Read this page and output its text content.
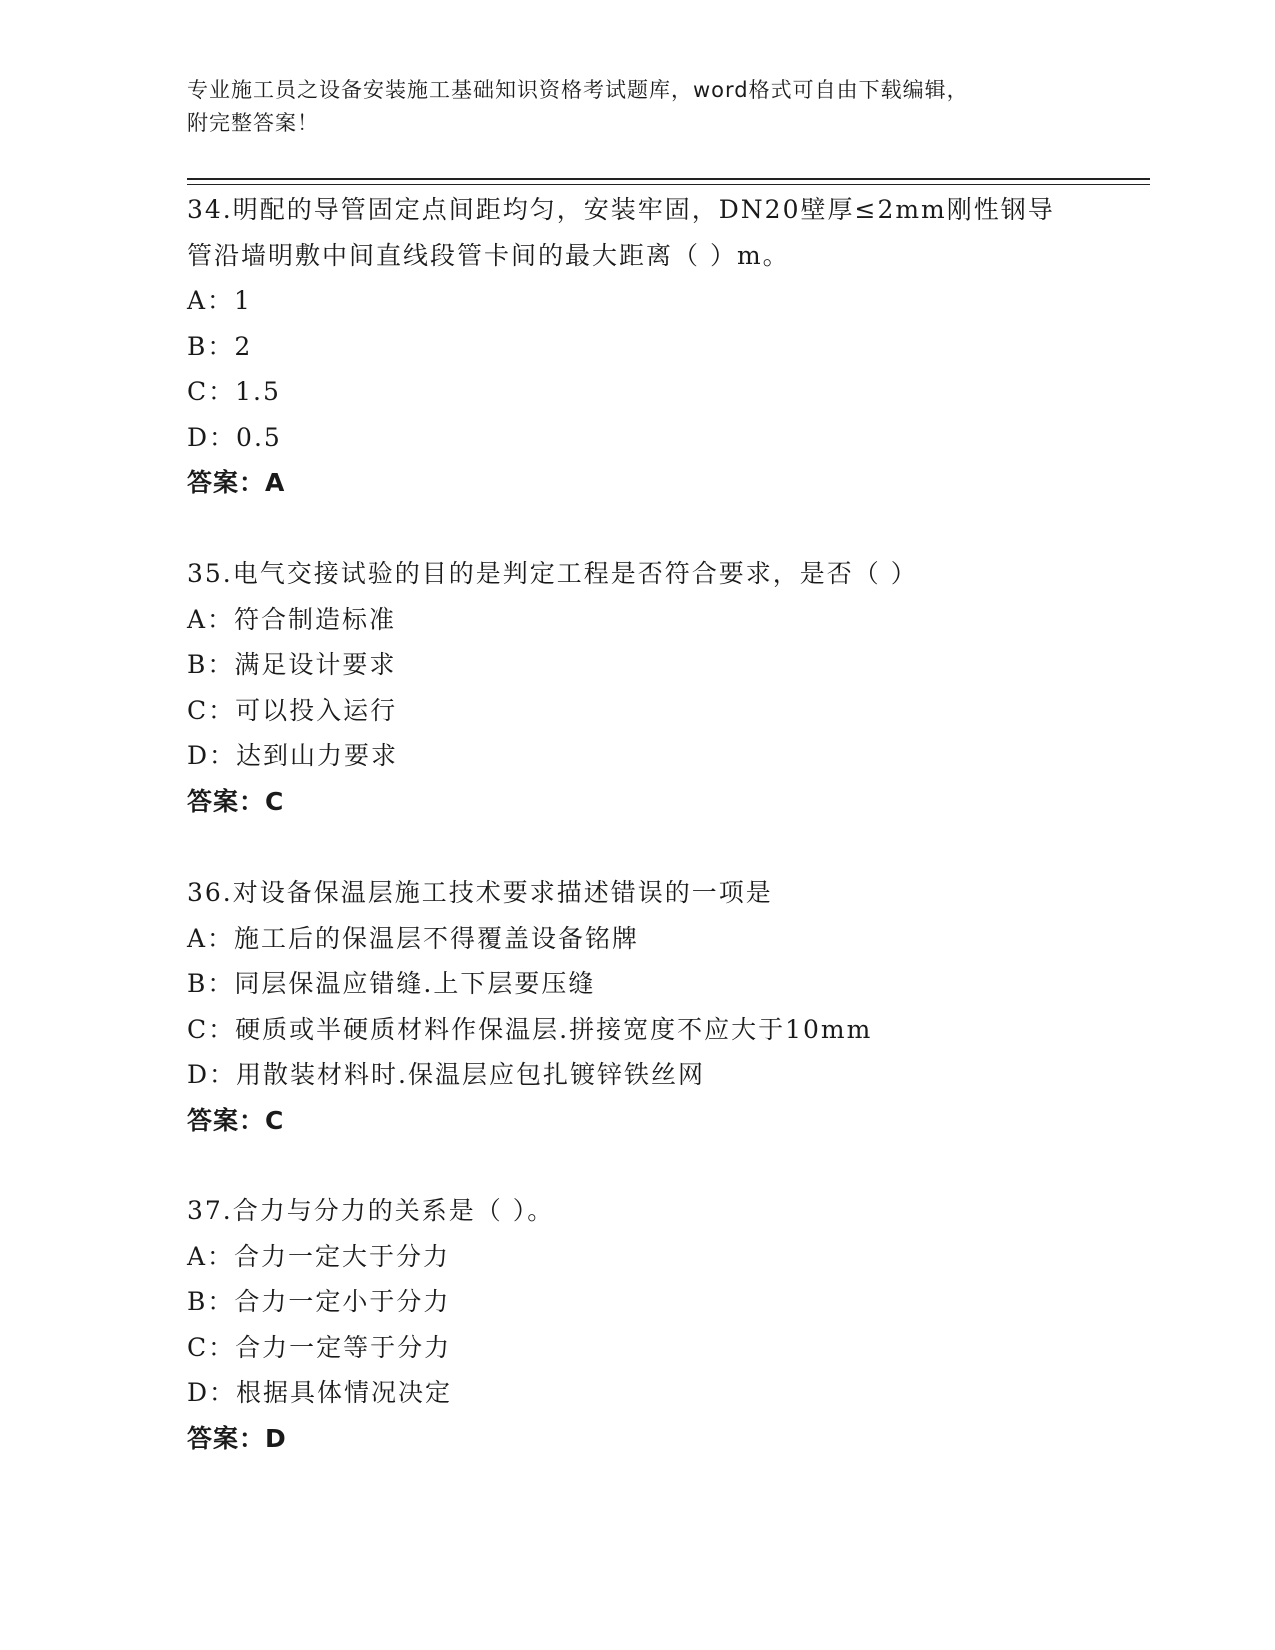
专业施工员之设备安装施工基础知识资格考试题库，word格式可自由下载编辑，
附完整答案！
34.明配的导管固定点间距均匀，安装牢固，DN20壁厚≤2mm刚性钢导
管沿墙明敷中间直线段管卡间的最大距离（ ）m。
A：1
B：2
C：1.5
D：0.5
答案：A
35.电气交接试验的目的是判定工程是否符合要求，是否（ ）
A：符合制造标准
B：满足设计要求
C：可以投入运行
D：达到山力要求
答案：C
36.对设备保温层施工技术要求描述错误的一项是
A：施工后的保温层不得覆盖设备铭牌
B：同层保温应错缝.上下层要压缝
C：硬质或半硬质材料作保温层.拼接宽度不应大于10mm
D：用散装材料时.保温层应包扎镀锌铁丝网
答案：C
37.合力与分力的关系是（ ）。
A：合力一定大于分力
B：合力一定小于分力
C：合力一定等于分力
D：根据具体情况决定
答案：D
